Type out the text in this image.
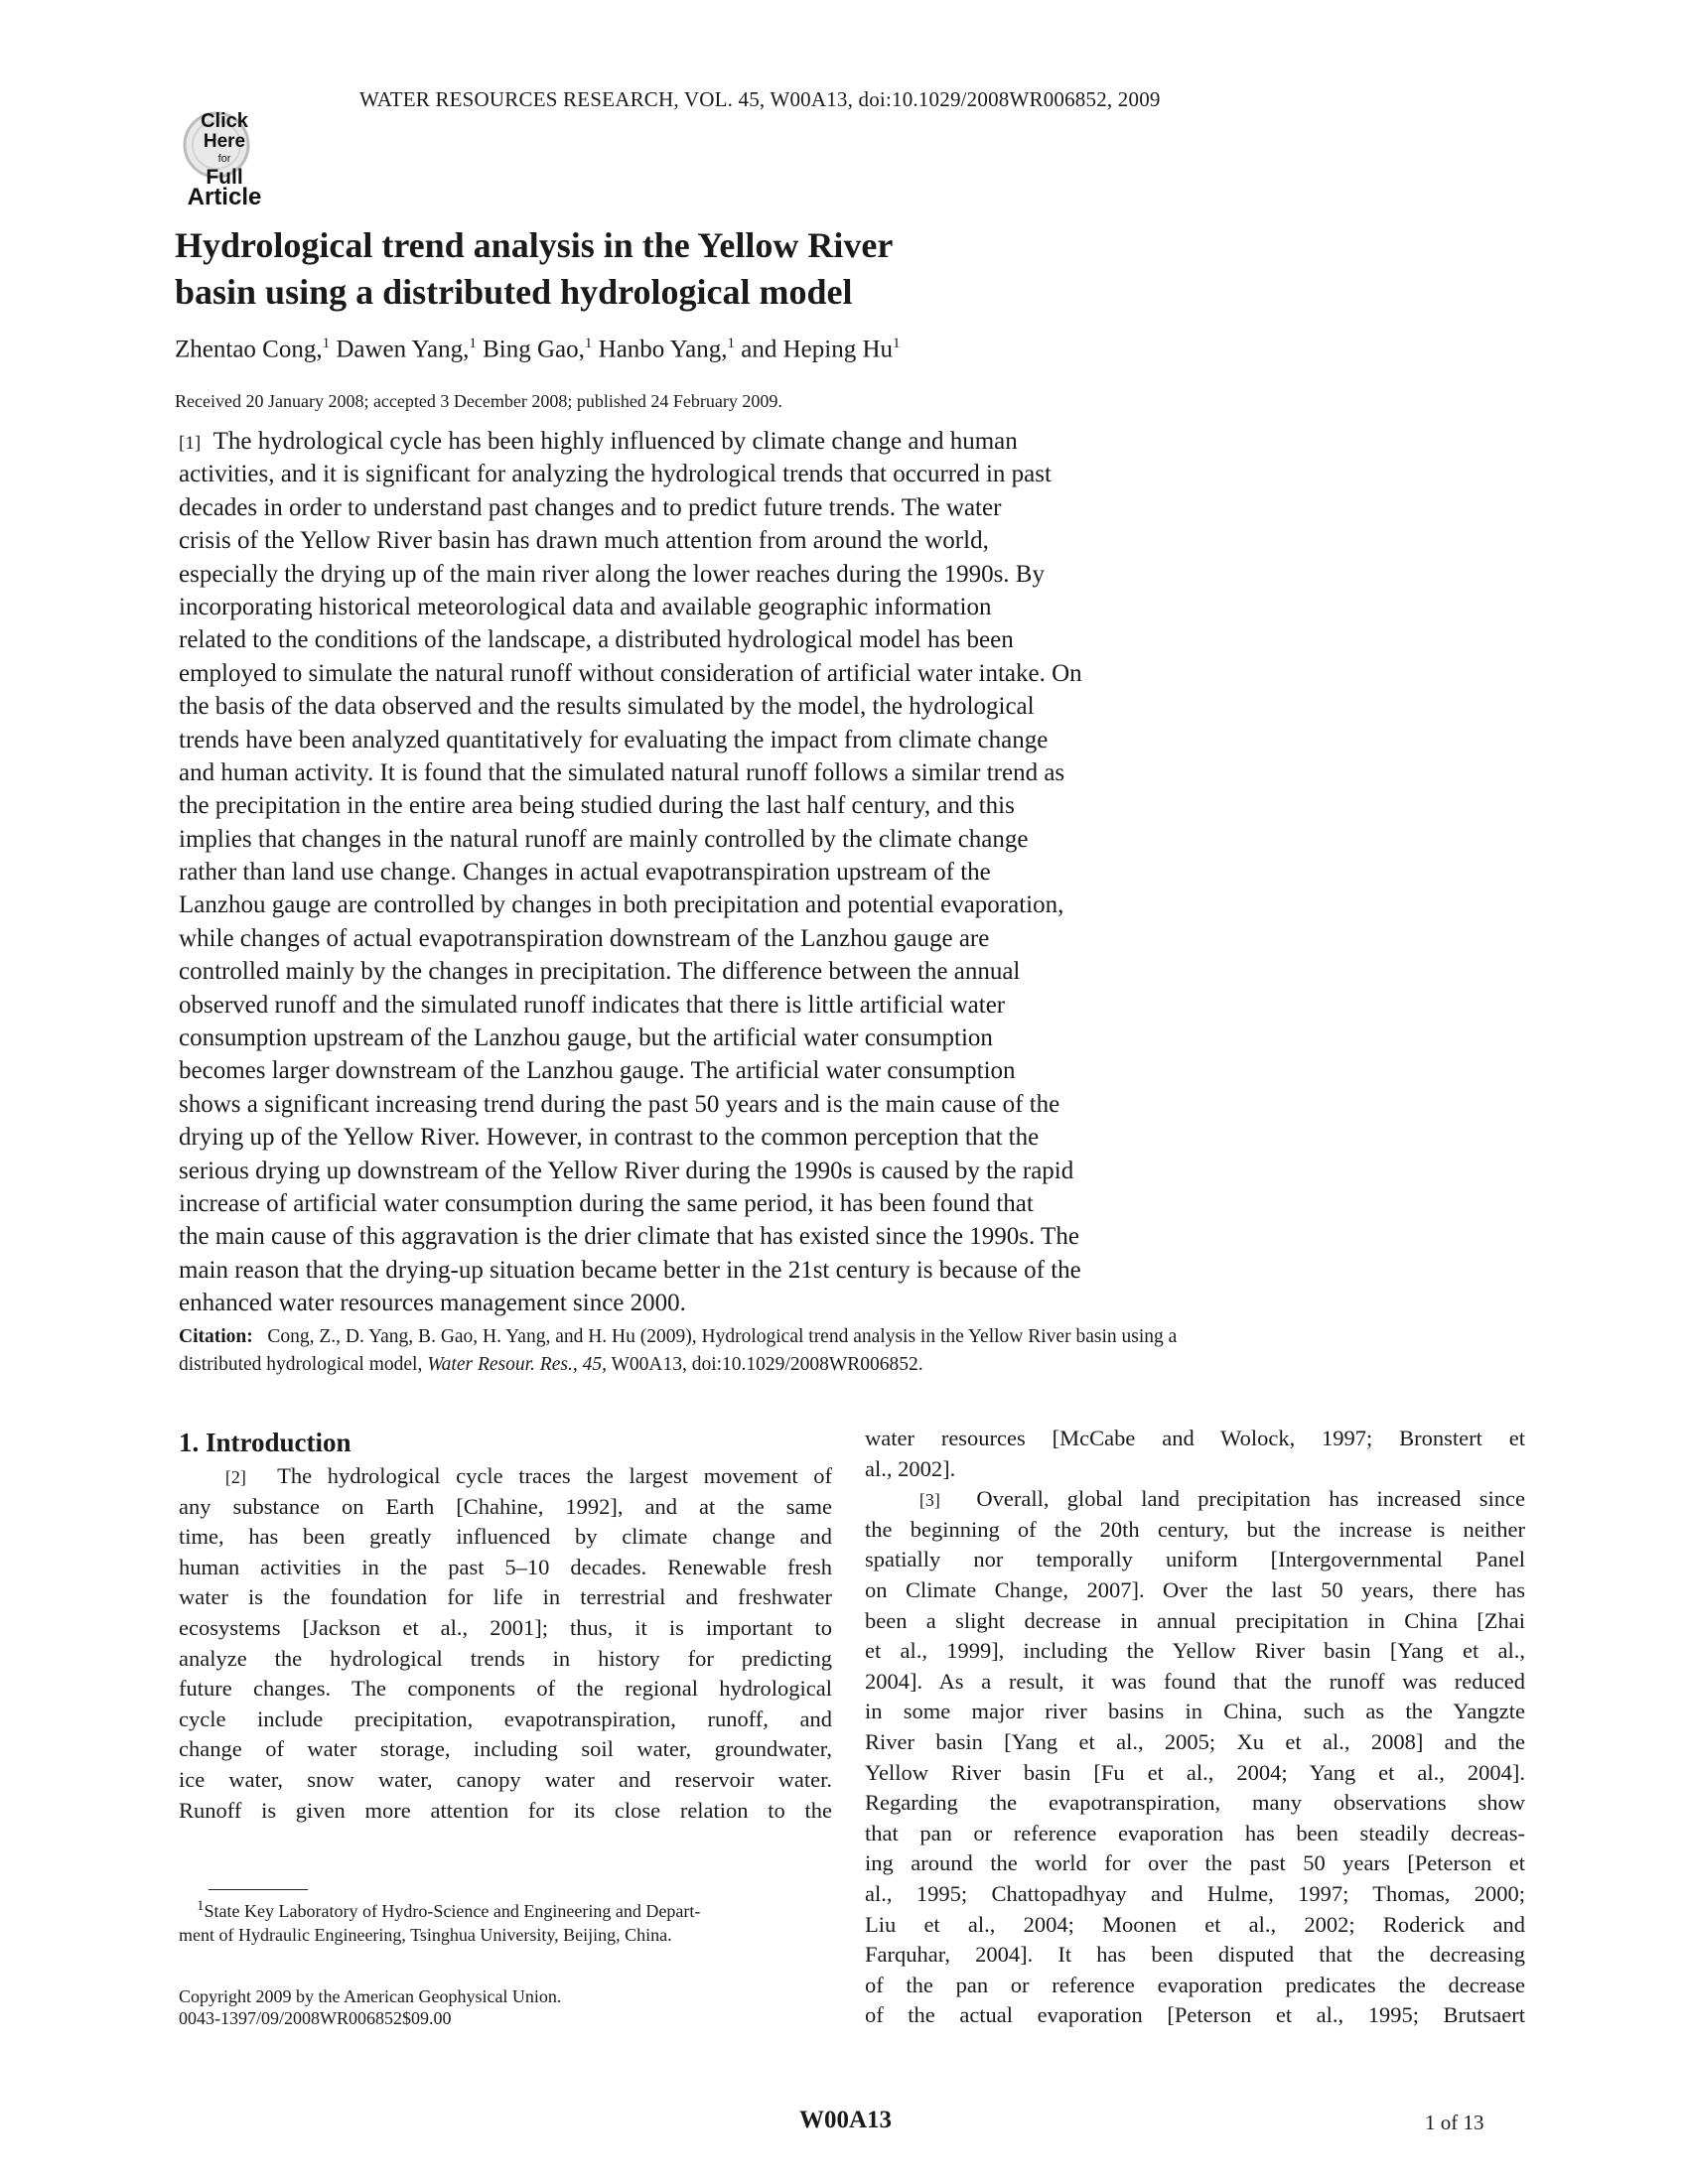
WATER RESOURCES RESEARCH, VOL. 45, W00A13, doi:10.1029/2008WR006852, 2009
Click
Here
for
Full
Article
Hydrological trend analysis in the Yellow River
basin using a distributed hydrological model
Zhentao Cong,$^1$ Dawen Yang,$^1$ Bing Gao,$^1$ Hanbo Yang,$^1$ and Heping Hu$^1$
Received 20 January 2008; accepted 3 December 2008; published 24 February 2009.
[1] The hydrological cycle has been highly influenced by climate change and human
activities, and it is significant for analyzing the hydrological trends that occurred in past
decades in order to understand past changes and to predict future trends. The water
crisis of the Yellow River basin has drawn much attention from around the world,
especially the drying up of the main river along the lower reaches during the 1990s. By
incorporating historical meteorological data and available geographic information
related to the conditions of the landscape, a distributed hydrological model has been
employed to simulate the natural runoff without consideration of artificial water intake. On
the basis of the data observed and the results simulated by the model, the hydrological
trends have been analyzed quantitatively for evaluating the impact from climate change
and human activity. It is found that the simulated natural runoff follows a similar trend as
the precipitation in the entire area being studied during the last half century, and this
implies that changes in the natural runoff are mainly controlled by the climate change
rather than land use change. Changes in actual evapotranspiration upstream of the
Lanzhou gauge are controlled by changes in both precipitation and potential evaporation,
while changes of actual evapotranspiration downstream of the Lanzhou gauge are
controlled mainly by the changes in precipitation. The difference between the annual
observed runoff and the simulated runoff indicates that there is little artificial water
consumption upstream of the Lanzhou gauge, but the artificial water consumption
becomes larger downstream of the Lanzhou gauge. The artificial water consumption
shows a significant increasing trend during the past 50 years and is the main cause of the
drying up of the Yellow River. However, in contrast to the common perception that the
serious drying up downstream of the Yellow River during the 1990s is caused by the rapid
increase of artificial water consumption during the same period, it has been found that
the main cause of this aggravation is the drier climate that has existed since the 1990s. The
main reason that the drying-up situation became better in the 21st century is because of the
enhanced water resources management since 2000.
Citation: Cong, Z., D. Yang, B. Gao, H. Yang, and H. Hu (2009), Hydrological trend analysis in the Yellow River basin using a
distributed hydrological model, Water Resour. Res., 45, W00A13, doi:10.1029/2008WR006852.
1. Introduction
[2] The hydrological cycle traces the largest movement of
any substance on Earth [Chahine, 1992], and at the same
time, has been greatly influenced by climate change and
human activities in the past 5–10 decades. Renewable fresh
water is the foundation for life in terrestrial and freshwater
ecosystems [Jackson et al., 2001]; thus, it is important to
analyze the hydrological trends in history for predicting
future changes. The components of the regional hydrological
cycle include precipitation, evapotranspiration, runoff, and
change of water storage, including soil water, groundwater,
ice water, snow water, canopy water and reservoir water.
Runoff is given more attention for its close relation to the
water resources [McCabe and Wolock, 1997; Bronstert et
al., 2002].
[3] Overall, global land precipitation has increased since
the beginning of the 20th century, but the increase is neither
spatially nor temporally uniform [Intergovernmental Panel
on Climate Change, 2007]. Over the last 50 years, there has
been a slight decrease in annual precipitation in China [Zhai
et al., 1999], including the Yellow River basin [Yang et al.,
2004]. As a result, it was found that the runoff was reduced
in some major river basins in China, such as the Yangzte
River basin [Yang et al., 2005; Xu et al., 2008] and the
Yellow River basin [Fu et al., 2004; Yang et al., 2004].
Regarding the evapotranspiration, many observations show
that pan or reference evaporation has been steadily decreas-
ing around the world for over the past 50 years [Peterson et
al., 1995; Chattopadhyay and Hulme, 1997; Thomas, 2000;
Liu et al., 2004; Moonen et al., 2002; Roderick and
Farquhar, 2004]. It has been disputed that the decreasing
of the pan or reference evaporation predicates the decrease
of the actual evaporation [Peterson et al., 1995; Brutsaert
$^1$State Key Laboratory of Hydro-Science and Engineering and Depart-
ment of Hydraulic Engineering, Tsinghua University, Beijing, China.
Copyright 2009 by the American Geophysical Union.
0043-1397/09/2008WR006852$09.00
W00A13	1 of 13
